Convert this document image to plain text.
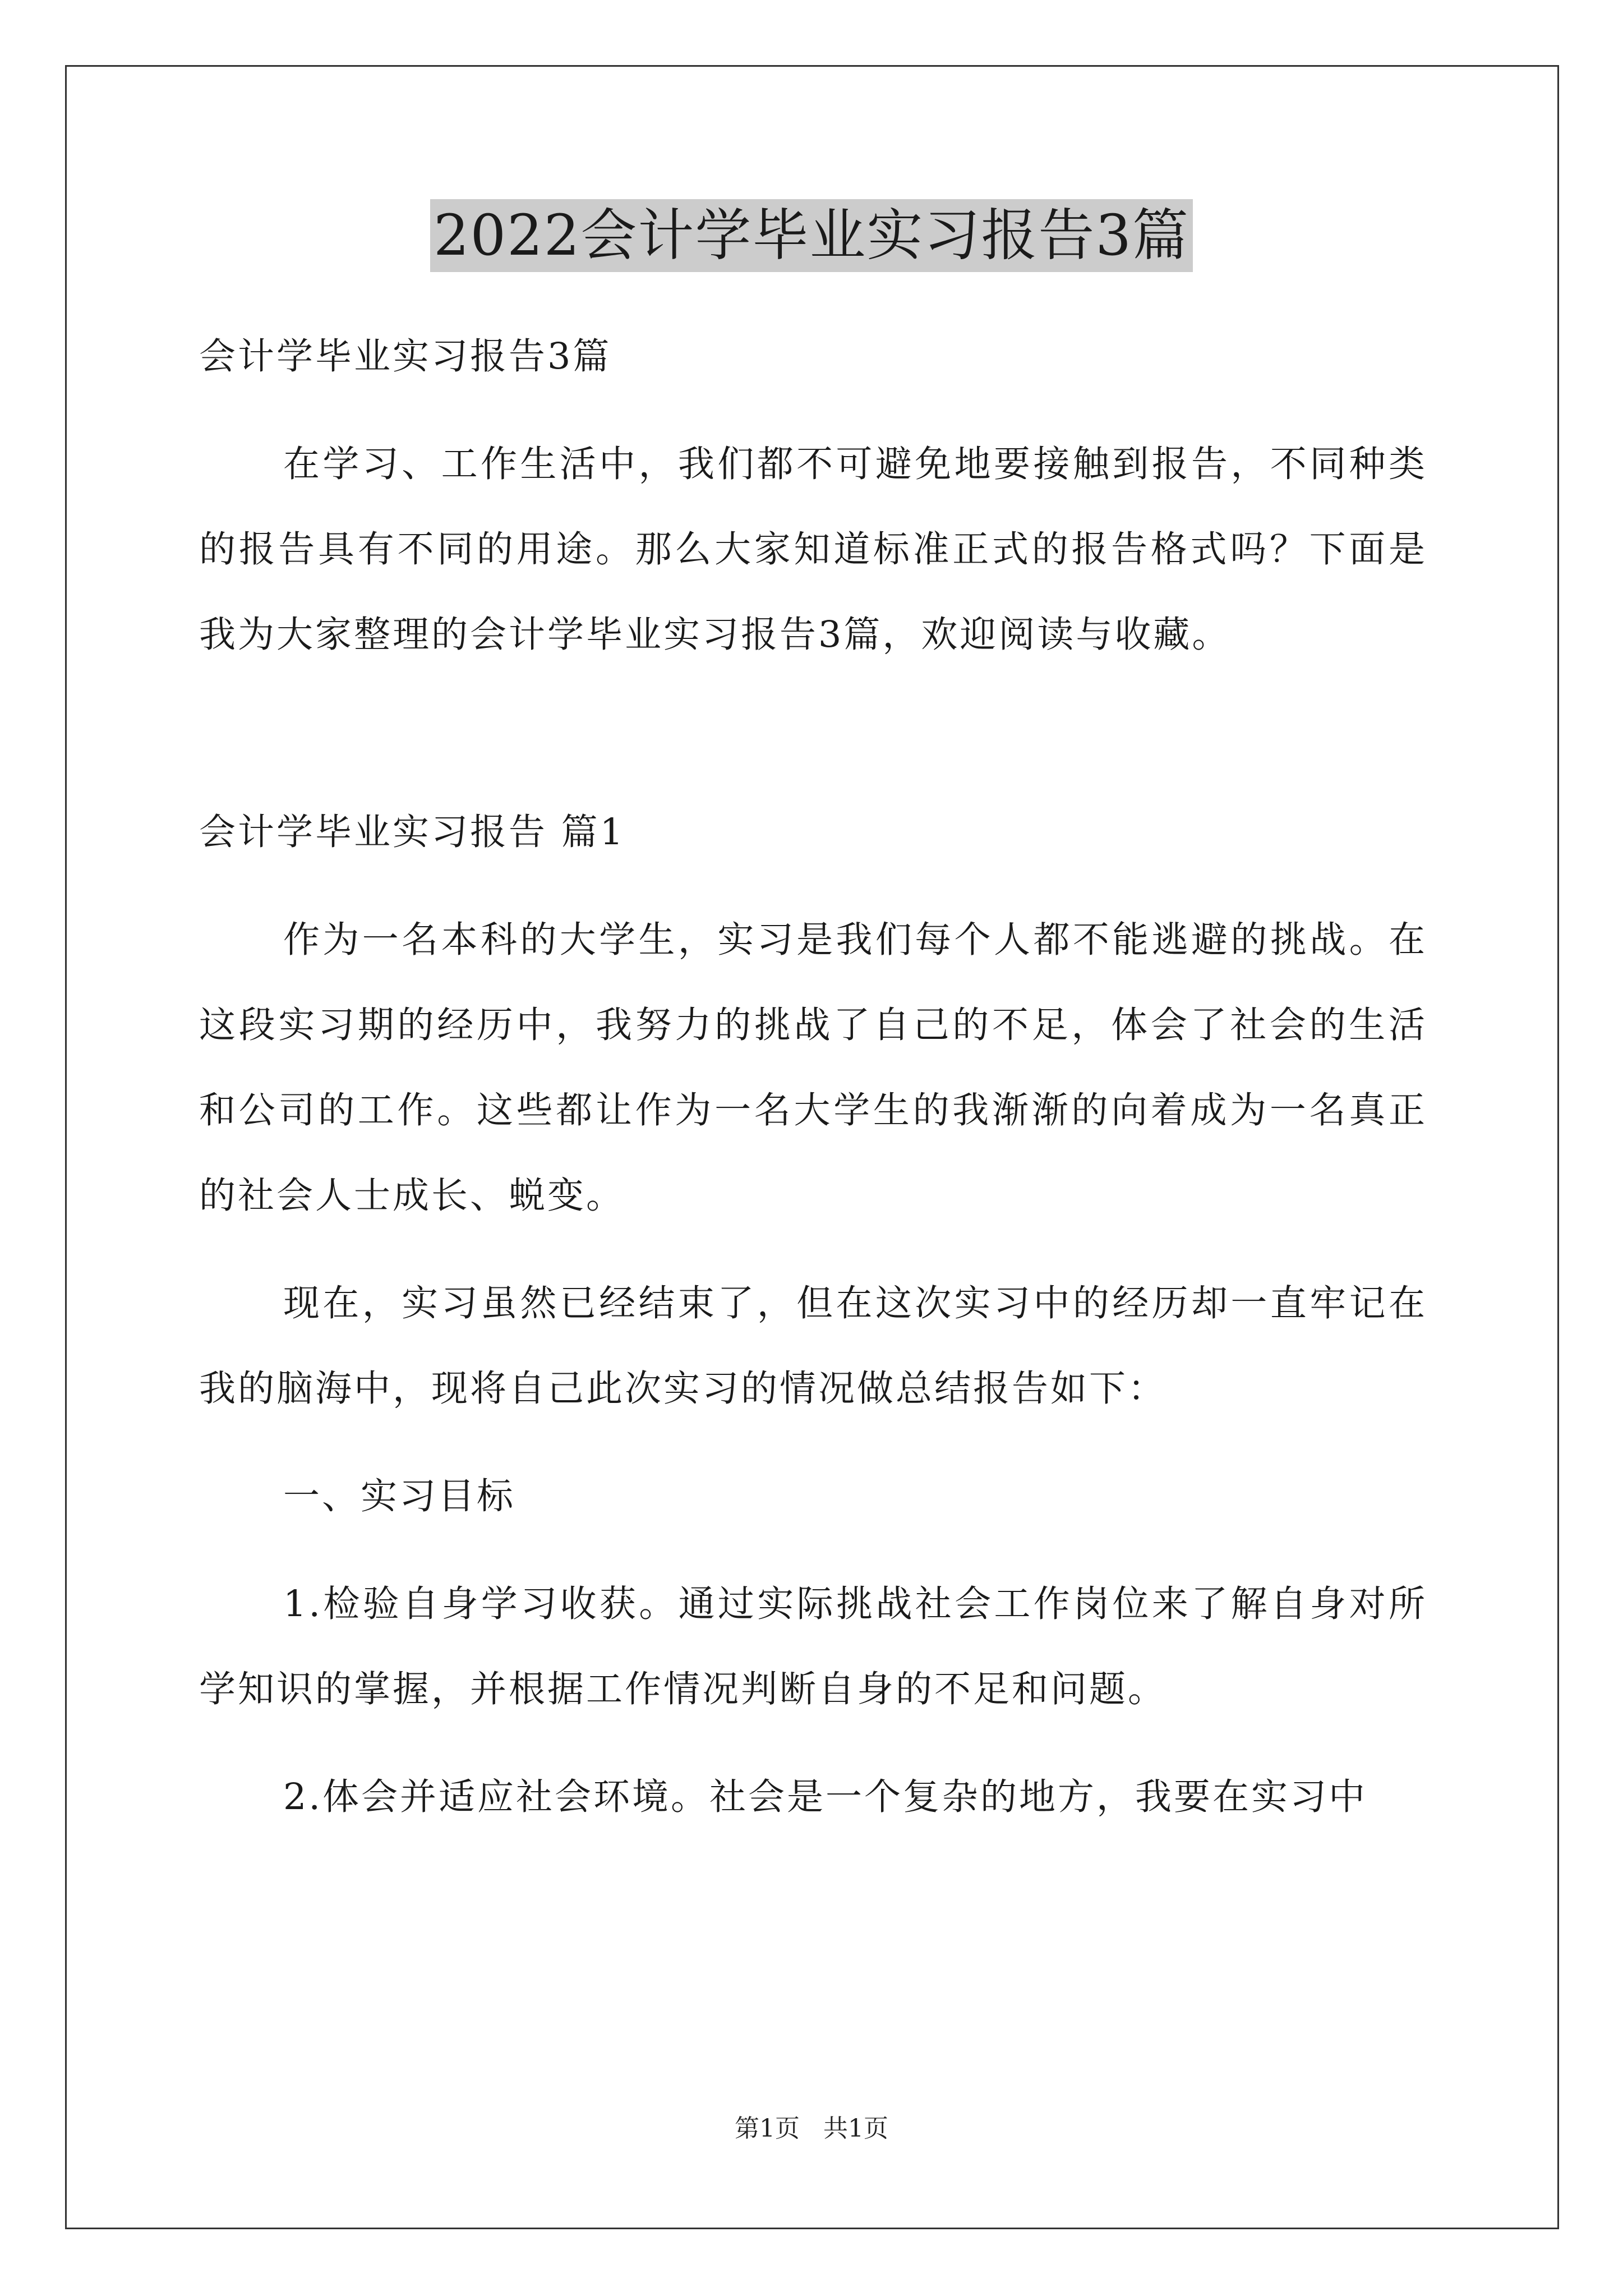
2022会计学毕业实习报告3篇

会计学毕业实习报告3篇

在学习、工作生活中，我们都不可避免地要接触到报告，不同种类的报告具有不同的用途。那么大家知道标准正式的报告格式吗？下面是我为大家整理的会计学毕业实习报告3篇，欢迎阅读与收藏。

会计学毕业实习报告 篇1

作为一名本科的大学生，实习是我们每个人都不能逃避的挑战。在这段实习期的经历中，我努力的挑战了自己的不足，体会了社会的生活和公司的工作。这些都让作为一名大学生的我渐渐的向着成为一名真正的社会人士成长、蜕变。

现在，实习虽然已经结束了，但在这次实习中的经历却一直牢记在我的脑海中，现将自己此次实习的情况做总结报告如下：

一、实习目标

1.检验自身学习收获。通过实际挑战社会工作岗位来了解自身对所学知识的掌握，并根据工作情况判断自身的不足和问题。

2.体会并适应社会环境。社会是一个复杂的地方，我要在实习中

第1页 共1页
